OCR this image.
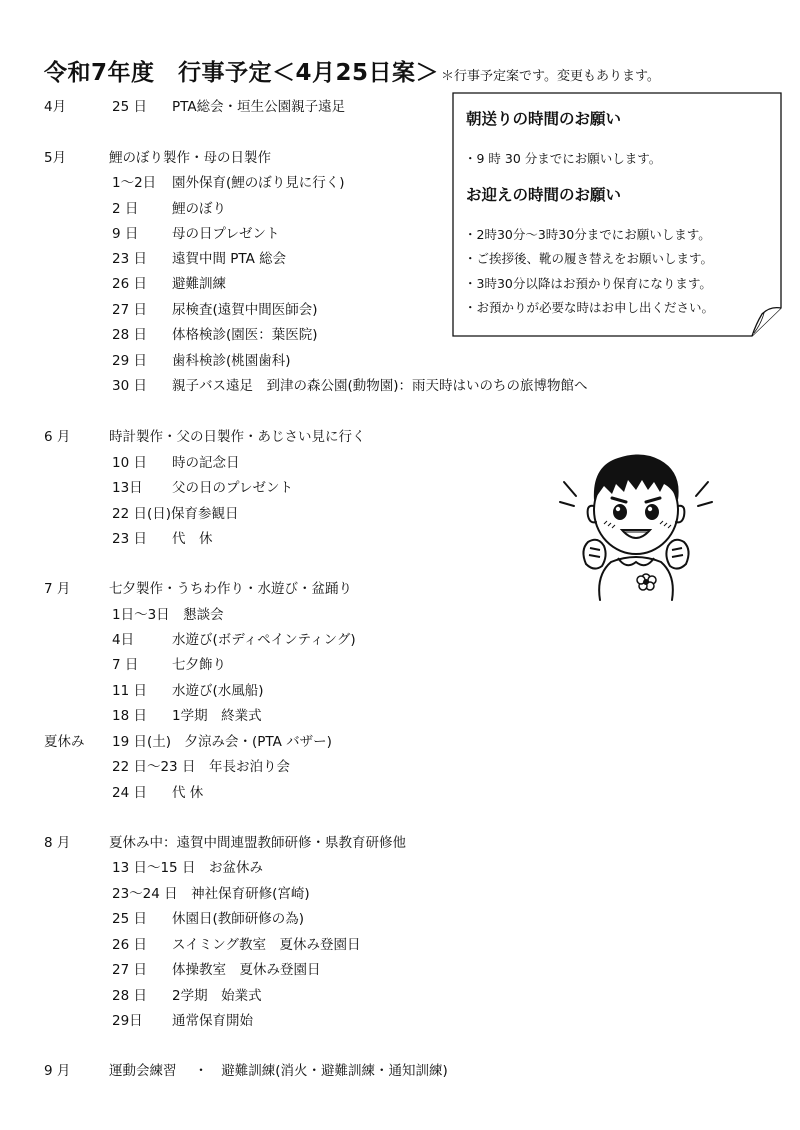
令和7年度　行事予定＜4月25日案＞ ＊行事予定案です。変更もあります。
4月	25 日 PTA総会・垣生公園親子遠足
5月	鯉のぼり製作・母の日製作
1～2日 園外保育(鯉のぼり見に行く)
2 日 鯉のぼり
9 日 母の日プレゼント
23 日 遠賀中間 PTA 総会
26 日 避難訓練
27 日 尿検査(遠賀中間医師会)
28 日 体格検診(園医：葉医院)
29 日 歯科検診(桃園歯科)
30 日 親子バス遠足　到津の森公園(動物園)：雨天時はいのちの旅博物館へ
6 月	時計製作・父の日製作・あじさい見に行く
10 日 時の記念日
13日 父の日のプレゼント
22 日(日)保育参観日
23 日 代　休
7 月	七夕製作・うちわ作り・水遊び・盆踊り
1日～3日　懇談会
4日	水遊び(ボディペインティング)
7 日 七夕飾り
11 日 水遊び(水風船)
18 日 1学期　終業式
夏休み 19 日(土)　夕涼み会・(PTA バザー)
22 日～23 日　年長お泊り会
24 日 代 休
8 月	夏休み中：遠賀中間連盟教師研修・県教育研修他
13 日～15 日　お盆休み
23～24 日　神社保育研修(宮崎)
25 日 休園日(教師研修の為)
26 日 スイミング教室　夏休み登園日
27 日 体操教室　夏休み登園日
28 日 2学期　始業式
29日 通常保育開始
9 月	運動会練習　 ・　避難訓練(消火・避難訓練・通知訓練)
朝送りの時間のお願い
・9 時 30 分までにお願いします。
お迎えの時間のお願い
・2時30分～3時30分までにお願いします。
・ご挨拶後、靴の履き替えをお願いします。
・3時30分以降はお預かり保育になります。
・お預かりが必要な時はお申し出ください。
